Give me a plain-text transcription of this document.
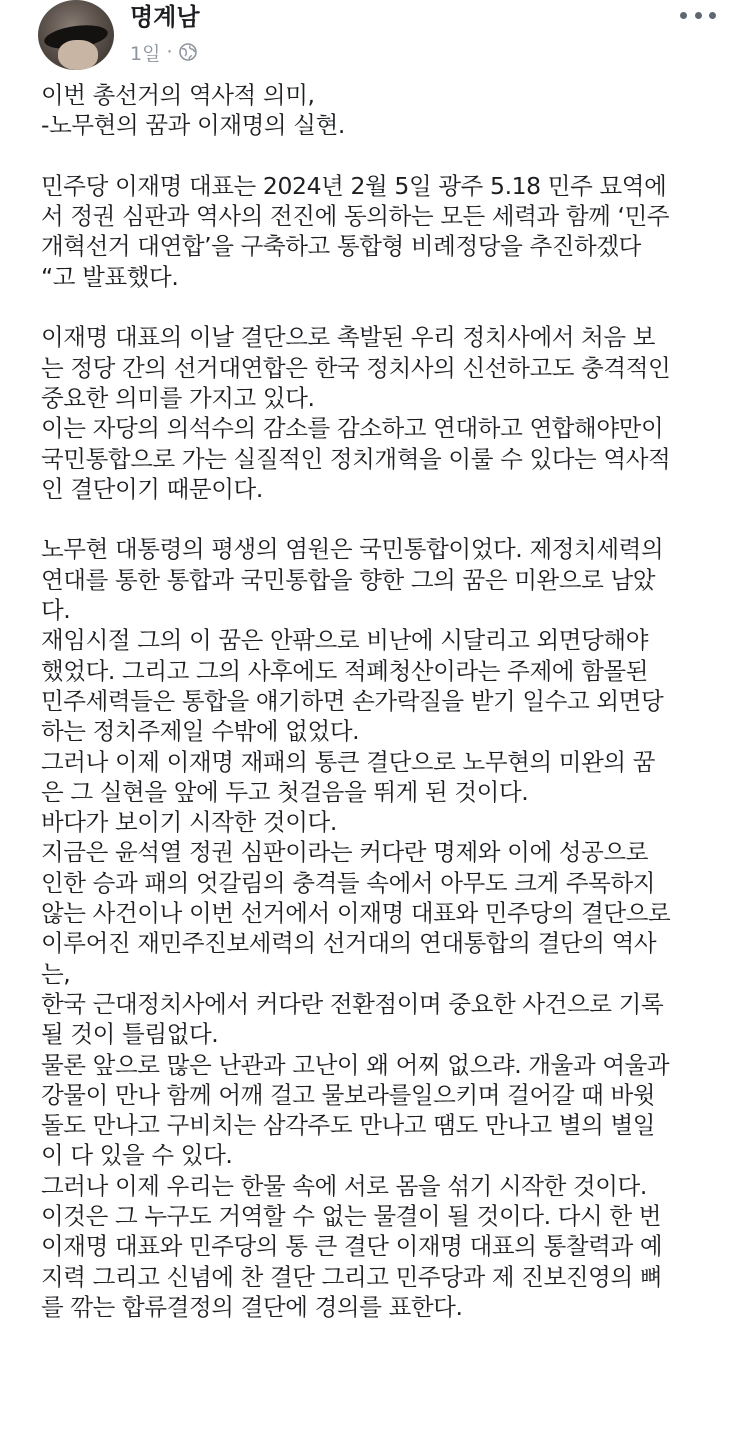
명계남
1일 ·

이번 총선거의 역사적 의미,

-노무현의 꿈과 이재명의 실현.

민주당 이재명 대표는 2024년 2월 5일 광주 5.18 민주 묘역에
서 정권 심판과 역사의 전진에 동의하는 모든 세력과 함께 ‘민주
개혁선거 대연합’을 구축하고 통합형 비례정당을 추진하겠다
“고 발표했다.

이재명 대표의 이날 결단으로 촉발된 우리 정치사에서 처음 보
는 정당 간의 선거대연합은 한국 정치사의 신선하고도 충격적인
중요한 의미를 가지고 있다.
이는 자당의 의석수의 감소를 감소하고 연대하고 연합해야만이
국민통합으로 가는 실질적인 정치개혁을 이룰 수 있다는 역사적
인 결단이기 때문이다.

노무현 대통령의 평생의 염원은 국민통합이었다. 제정치세력의
연대를 통한 통합과 국민통합을 향한 그의 꿈은 미완으로 남았
다.
재임시절 그의 이 꿈은 안팎으로 비난에 시달리고 외면당해야
했었다. 그리고 그의 사후에도 적폐청산이라는 주제에 함몰된
민주세력들은 통합을 얘기하면 손가락질을 받기 일수고 외면당
하는 정치주제일 수밖에 없었다.
그러나 이제 이재명 재패의 통큰 결단으로 노무현의 미완의 꿈
은 그 실현을 앞에 두고 첫걸음을 뛰게 된 것이다.
바다가 보이기 시작한 것이다.
지금은 윤석열 정권 심판이라는 커다란 명제와 이에 성공으로
인한 승과 패의 엇갈림의 충격들 속에서 아무도 크게 주목하지
않는 사건이나 이번 선거에서 이재명 대표와 민주당의 결단으로
이루어진 재민주진보세력의 선거대의 연대통합의 결단의 역사
는,
한국 근대정치사에서 커다란 전환점이며 중요한 사건으로 기록
될 것이 틀림없다.
물론 앞으로 많은 난관과 고난이 왜 어찌 없으랴. 개울과 여울과
강물이 만나 함께 어깨 걸고 물보라를일으키며 걸어갈 때 바윗
돌도 만나고 구비치는 삼각주도 만나고 땜도 만나고 별의 별일
이 다 있을 수 있다.
그러나 이제 우리는 한물 속에 서로 몸을 섞기 시작한 것이다.
이것은 그 누구도 거역할 수 없는 물결이 될 것이다. 다시 한 번
이재명 대표와 민주당의 통 큰 결단 이재명 대표의 통찰력과 예
지력 그리고 신념에 찬 결단 그리고 민주당과 제 진보진영의 뼈
를 깎는 합류결정의 결단에 경의를 표한다.
